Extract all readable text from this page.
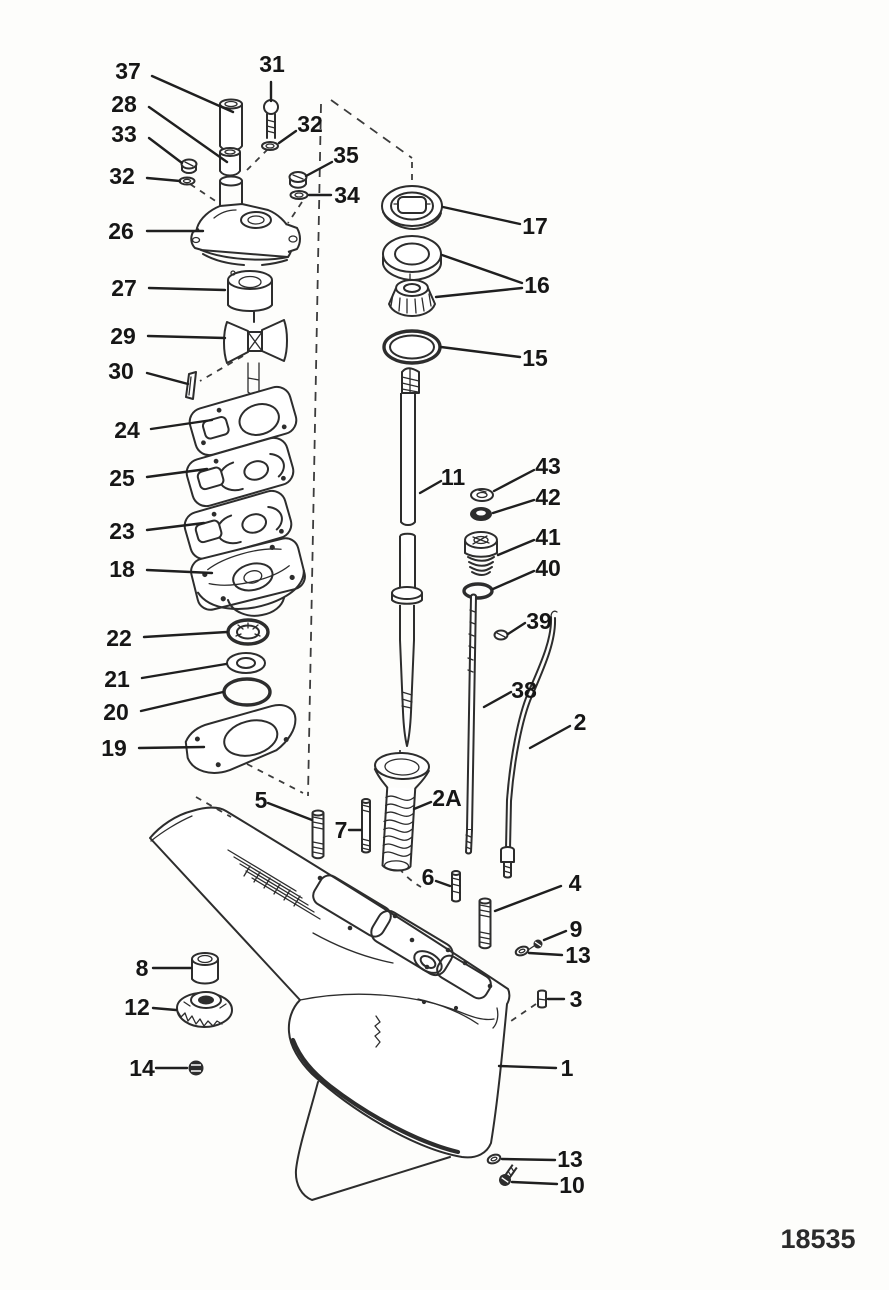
37	31
28
33
32
32
35
34
26
27
29
30
24
25
23
18
22
21
20
19
17
16
15
11	43
42
41
40
39
38
2
5
7
2A
6	4
9
13
3
8
12
14	1
13
10
18535
